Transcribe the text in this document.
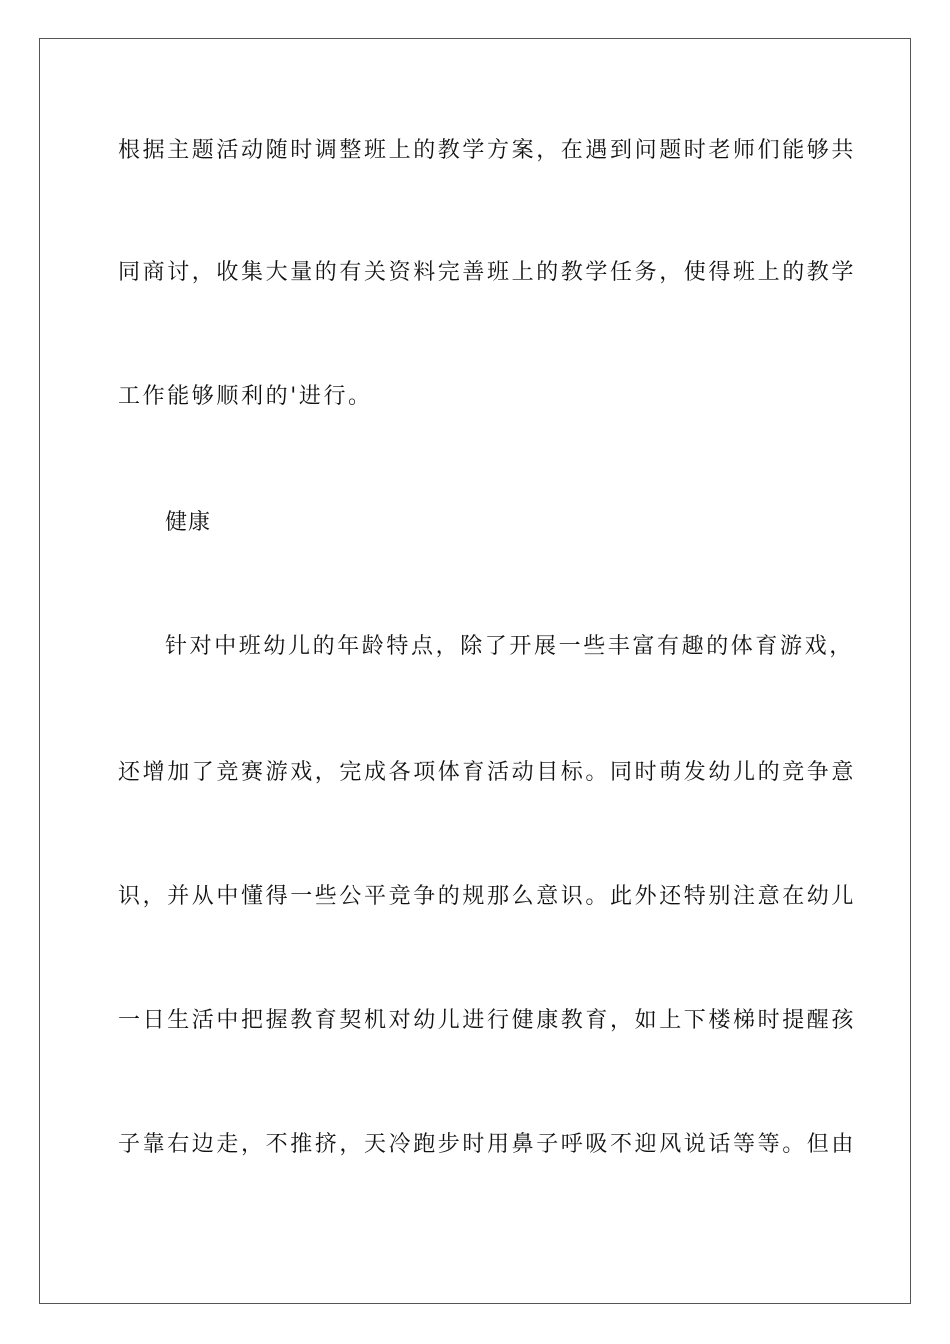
根据主题活动随时调整班上的教学方案，在遇到问题时老师们能够共
同商讨，收集大量的有关资料完善班上的教学任务，使得班上的教学
工作能够顺利的'进行。
健康
针对中班幼儿的年龄特点，除了开展一些丰富有趣的体育游戏，
还增加了竞赛游戏，完成各项体育活动目标。同时萌发幼儿的竞争意
识，并从中懂得一些公平竞争的规那么意识。此外还特别注意在幼儿
一日生活中把握教育契机对幼儿进行健康教育，如上下楼梯时提醒孩
子靠右边走，不推挤，天冷跑步时用鼻子呼吸不迎风说话等等。但由
